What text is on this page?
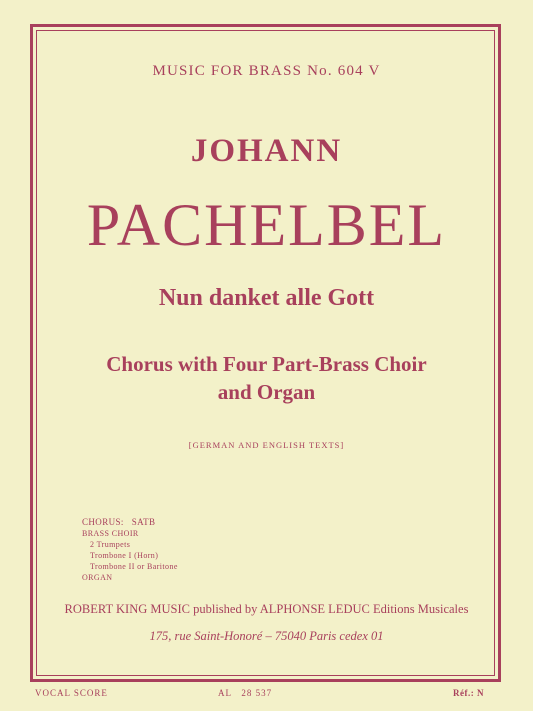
MUSIC FOR BRASS No. 604 V
JOHANN
PACHELBEL
Nun danket alle Gott
Chorus with Four Part-Brass Choir
and Organ
[GERMAN AND ENGLISH TEXTS]
CHORUS:   SATB
BRASS CHOIR
2 Trumpets
Trombone I (Horn)
Trombone II or Baritone
ORGAN
ROBERT KING MUSIC published by ALPHONSE LEDUC Editions Musicales
175, rue Saint-Honoré – 75040 Paris cedex 01
VOCAL SCORE	AL   28 537	Réf.: N
